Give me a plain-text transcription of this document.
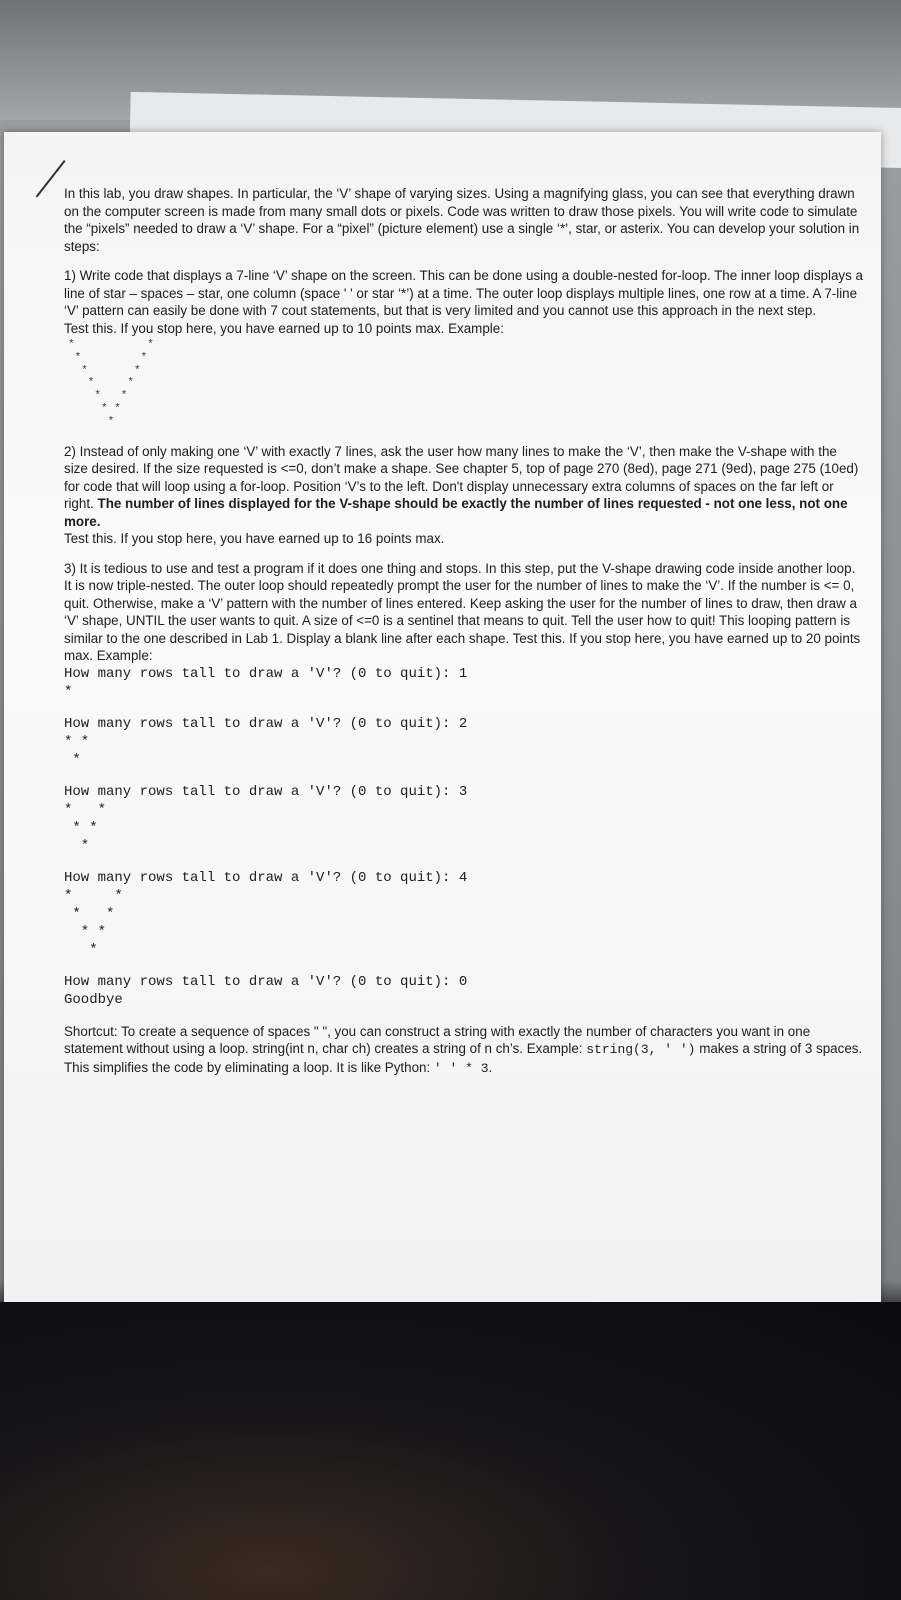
In this lab, you draw shapes. In particular, the ‘V’ shape of varying sizes. Using a magnifying glass, you can see that everything drawn on the computer screen is made from many small dots or pixels. Code was written to draw those pixels. You will write code to simulate the “pixels” needed to draw a ‘V’ shape. For a “pixel” (picture element) use a single ‘*’, star, or asterix. You can develop your solution in steps:

1) Write code that displays a 7-line ‘V’ shape on the screen. This can be done using a double-nested for-loop. The inner loop displays a line of star – spaces – star, one column (space ' ' or star ‘*’) at a time. The outer loop displays multiple lines, one row at a time. A 7-line ‘V’ pattern can easily be done with 7 cout statements, but that is very limited and you cannot use this approach in the next step.

Test this. If you stop here, you have earned up to 10 points max. Example:

*           *
*         *
*       *
*     *
*   *
* *
*

2) Instead of only making one ‘V’ with exactly 7 lines, ask the user how many lines to make the ‘V’, then make the V-shape with the size desired. If the size requested is <=0, don’t make a shape. See chapter 5, top of page 270 (8ed), page 271 (9ed), page 275 (10ed) for code that will loop using a for-loop. Position ‘V’s to the left. Don't display unnecessary extra columns of spaces on the far left or right. The number of lines displayed for the V-shape should be exactly the number of lines requested - not one less, not one more.

Test this. If you stop here, you have earned up to 16 points max.

3) It is tedious to use and test a program if it does one thing and stops. In this step, put the V-shape drawing code inside another loop. It is now triple-nested. The outer loop should repeatedly prompt the user for the number of lines to make the ‘V’. If the number is <= 0, quit. Otherwise, make a ‘V’ pattern with the number of lines entered. Keep asking the user for the number of lines to draw, then draw a ‘V’ shape, UNTIL the user wants to quit. A size of <=0 is a sentinel that means to quit. Tell the user how to quit! This looping pattern is similar to the one described in Lab 1. Display a blank line after each shape. Test this. If you stop here, you have earned up to 20 points max. Example:

How many rows tall to draw a 'V'? (0 to quit): 1
*
How many rows tall to draw a 'V'? (0 to quit): 2
* *
*
How many rows tall to draw a 'V'? (0 to quit): 3
*   *
* *
*
How many rows tall to draw a 'V'? (0 to quit): 4
*     *
*   *
* *
*
How many rows tall to draw a 'V'? (0 to quit): 0
Goodbye

Shortcut: To create a sequence of spaces " ", you can construct a string with exactly the number of characters you want in one statement without using a loop. string(int n, char ch) creates a string of n ch’s. Example: string(3, ' ') makes a string of 3 spaces. This simplifies the code by eliminating a loop. It is like Python: ' ' * 3.
